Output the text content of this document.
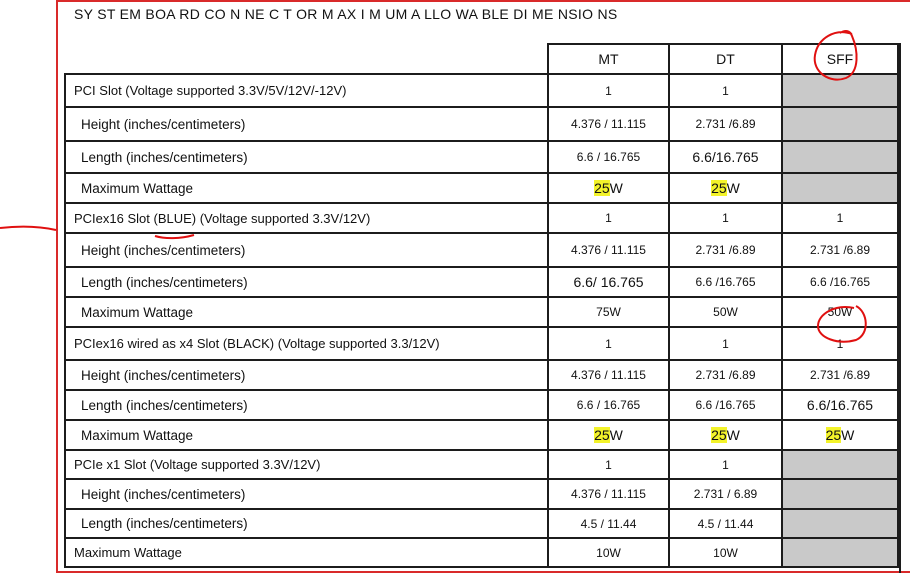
SY ST EM BOA RD CO N NE C T OR M AX I M UM A LLO WA BLE DI ME NSIO NS
	MT	DT	SFF
PCI Slot (Voltage supported 3.3V/5V/12V/-12V)	1	1	
Height (inches/centimeters)	4.376 / 11.115	2.731 /6.89	
Length (inches/centimeters)	6.6 / 16.765	6.6/16.765	
Maximum Wattage	25W	25W	
PCIex16 Slot (BLUE) (Voltage supported 3.3V/12V)	1	1	1
Height (inches/centimeters)	4.376 / 11.115	2.731 /6.89	2.731 /6.89
Length (inches/centimeters)	6.6/ 16.765	6.6 /16.765	6.6 /16.765
Maximum Wattage	75W	50W	50W
PCIex16 wired as x4 Slot (BLACK) (Voltage supported 3.3/12V)	1	1	1
Height (inches/centimeters)	4.376 / 11.115	2.731 /6.89	2.731 /6.89
Length (inches/centimeters)	6.6 / 16.765	6.6 /16.765	6.6/16.765
Maximum Wattage	25W	25W	25W
PCIe x1 Slot (Voltage supported 3.3V/12V)	1	1	
Height (inches/centimeters)	4.376 / 11.115	2.731 / 6.89	
Length (inches/centimeters)	4.5 / 11.44	4.5 / 11.44	
Maximum Wattage	10W	10W	
